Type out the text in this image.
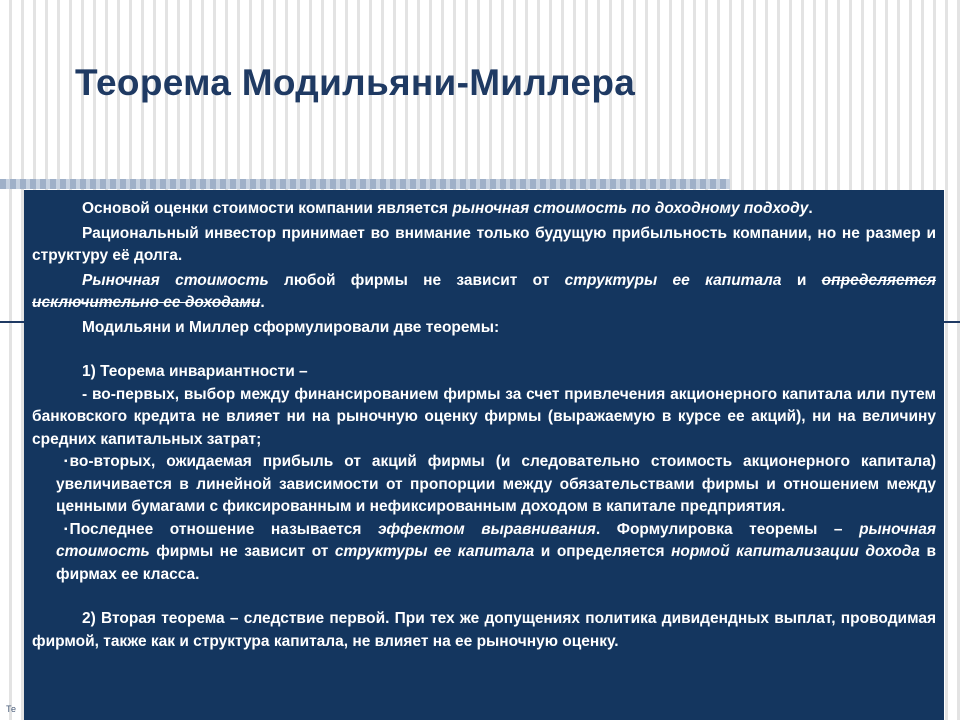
Теорема Модильяни-Миллера

Основой оценки стоимости компании является рыночная стоимость по доходному подходу.

Рациональный инвестор принимает во внимание только будущую прибыльность компании, но не размер и структуру её долга.

Рыночная стоимость любой фирмы не зависит от структуры ее капитала и определяется исключительно ее доходами.

Модильяни и Миллер сформулировали две теоремы:

1) Теорема инвариантности –

- во-первых, выбор между финансированием фирмы за счет привлечения акционерного капитала или путем банковского кредита не влияет ни на рыночную оценку фирмы (выражаемую в курсе ее акций), ни на величину средних капитальных затрат;

▪ во-вторых, ожидаемая прибыль от акций фирмы (и следовательно стоимость акционерного капитала) увеличивается в линейной зависимости от пропорции между обязательствами фирмы и отношением между ценными бумагами с фиксированным и нефиксированным доходом в капитале предприятия.

▪ Последнее отношение называется эффектом выравнивания. Формулировка теоремы – рыночная стоимость фирмы не зависит от структуры ее капитала и определяется нормой капитализации дохода в фирмах ее класса.

2) Вторая теорема – следствие первой. При тех же допущениях политика дивидендных выплат, проводимая фирмой, также как и структура капитала, не влияет на ее рыночную оценку.

Те
